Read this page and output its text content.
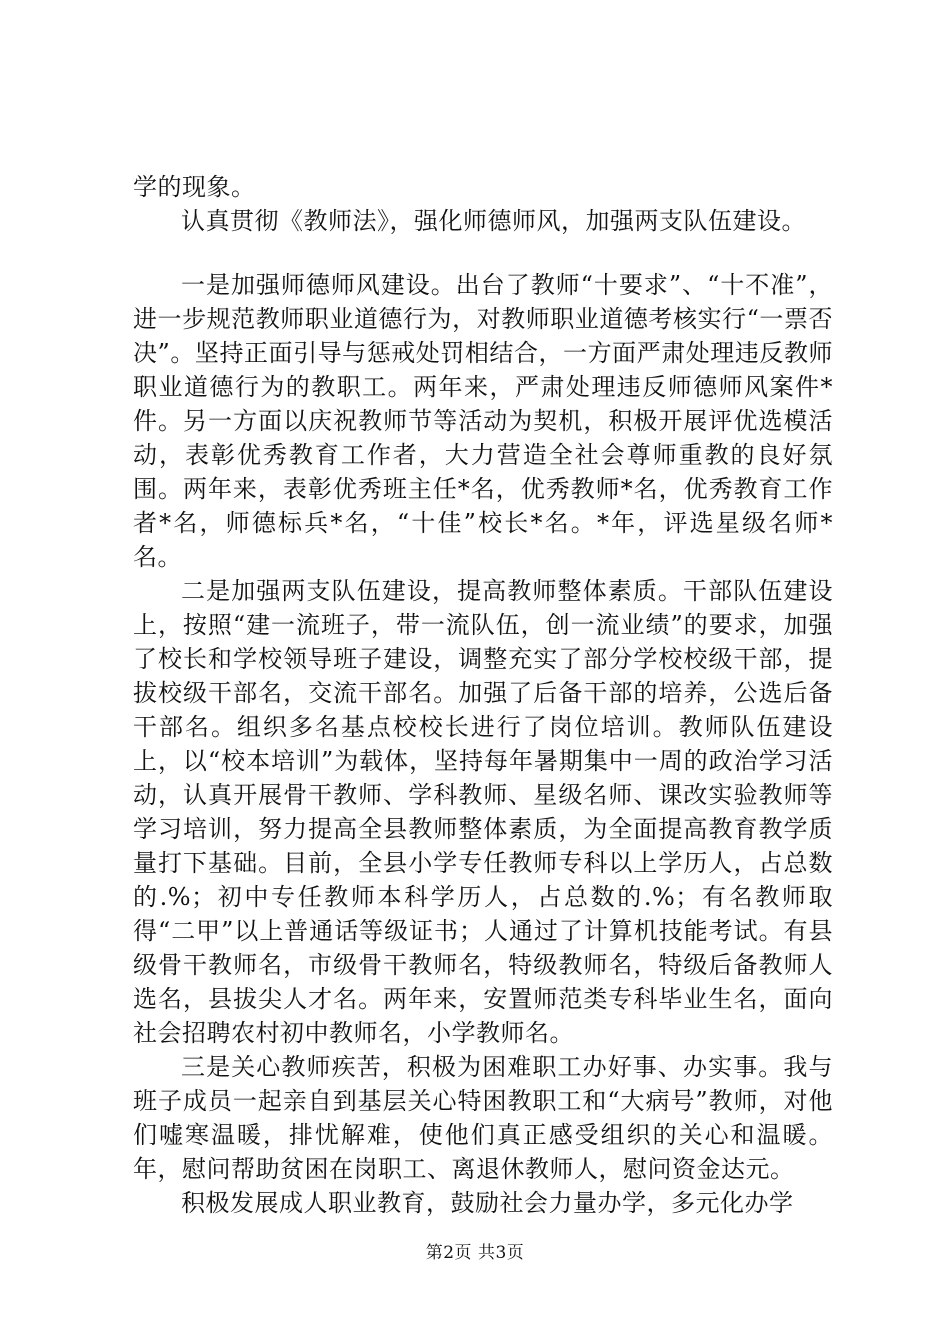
学的现象。

认真贯彻《教师法》，强化师德师风，加强两支队伍建设。

一是加强师德师风建设。出台了教师“十要求”、“十不准”，进一步规范教师职业道德行为，对教师职业道德考核实行“一票否决”。坚持正面引导与惩戒处罚相结合，一方面严肃处理违反教师职业道德行为的教职工。两年来，严肃处理违反师德师风案件*件。另一方面以庆祝教师节等活动为契机，积极开展评优选模活动，表彰优秀教育工作者，大力营造全社会尊师重教的良好氛围。两年来，表彰优秀班主任*名，优秀教师*名，优秀教育工作者*名，师德标兵*名，“十佳”校长*名。*年，评选星级名师*名。

二是加强两支队伍建设，提高教师整体素质。干部队伍建设上，按照“建一流班子，带一流队伍，创一流业绩”的要求，加强了校长和学校领导班子建设，调整充实了部分学校校级干部，提拔校级干部名，交流干部名。加强了后备干部的培养，公选后备干部名。组织多名基点校校长进行了岗位培训。教师队伍建设上，以“校本培训”为载体，坚持每年暑期集中一周的政治学习活动，认真开展骨干教师、学科教师、星级名师、课改实验教师等学习培训，努力提高全县教师整体素质，为全面提高教育教学质量打下基础。目前，全县小学专任教师专科以上学历人，占总数的.%；初中专任教师本科学历人，占总数的.%；有名教师取得“二甲”以上普通话等级证书；人通过了计算机技能考试。有县级骨干教师名，市级骨干教师名，特级教师名，特级后备教师人选名，县拔尖人才名。两年来，安置师范类专科毕业生名，面向社会招聘农村初中教师名，小学教师名。

三是关心教师疾苦，积极为困难职工办好事、办实事。我与班子成员一起亲自到基层关心特困教职工和“大病号”教师，对他们嘘寒温暖，排忧解难，使他们真正感受组织的关心和温暖。年，慰问帮助贫困在岗职工、离退休教师人，慰问资金达元。

积极发展成人职业教育，鼓励社会力量办学，多元化办学

第2页 共3页
